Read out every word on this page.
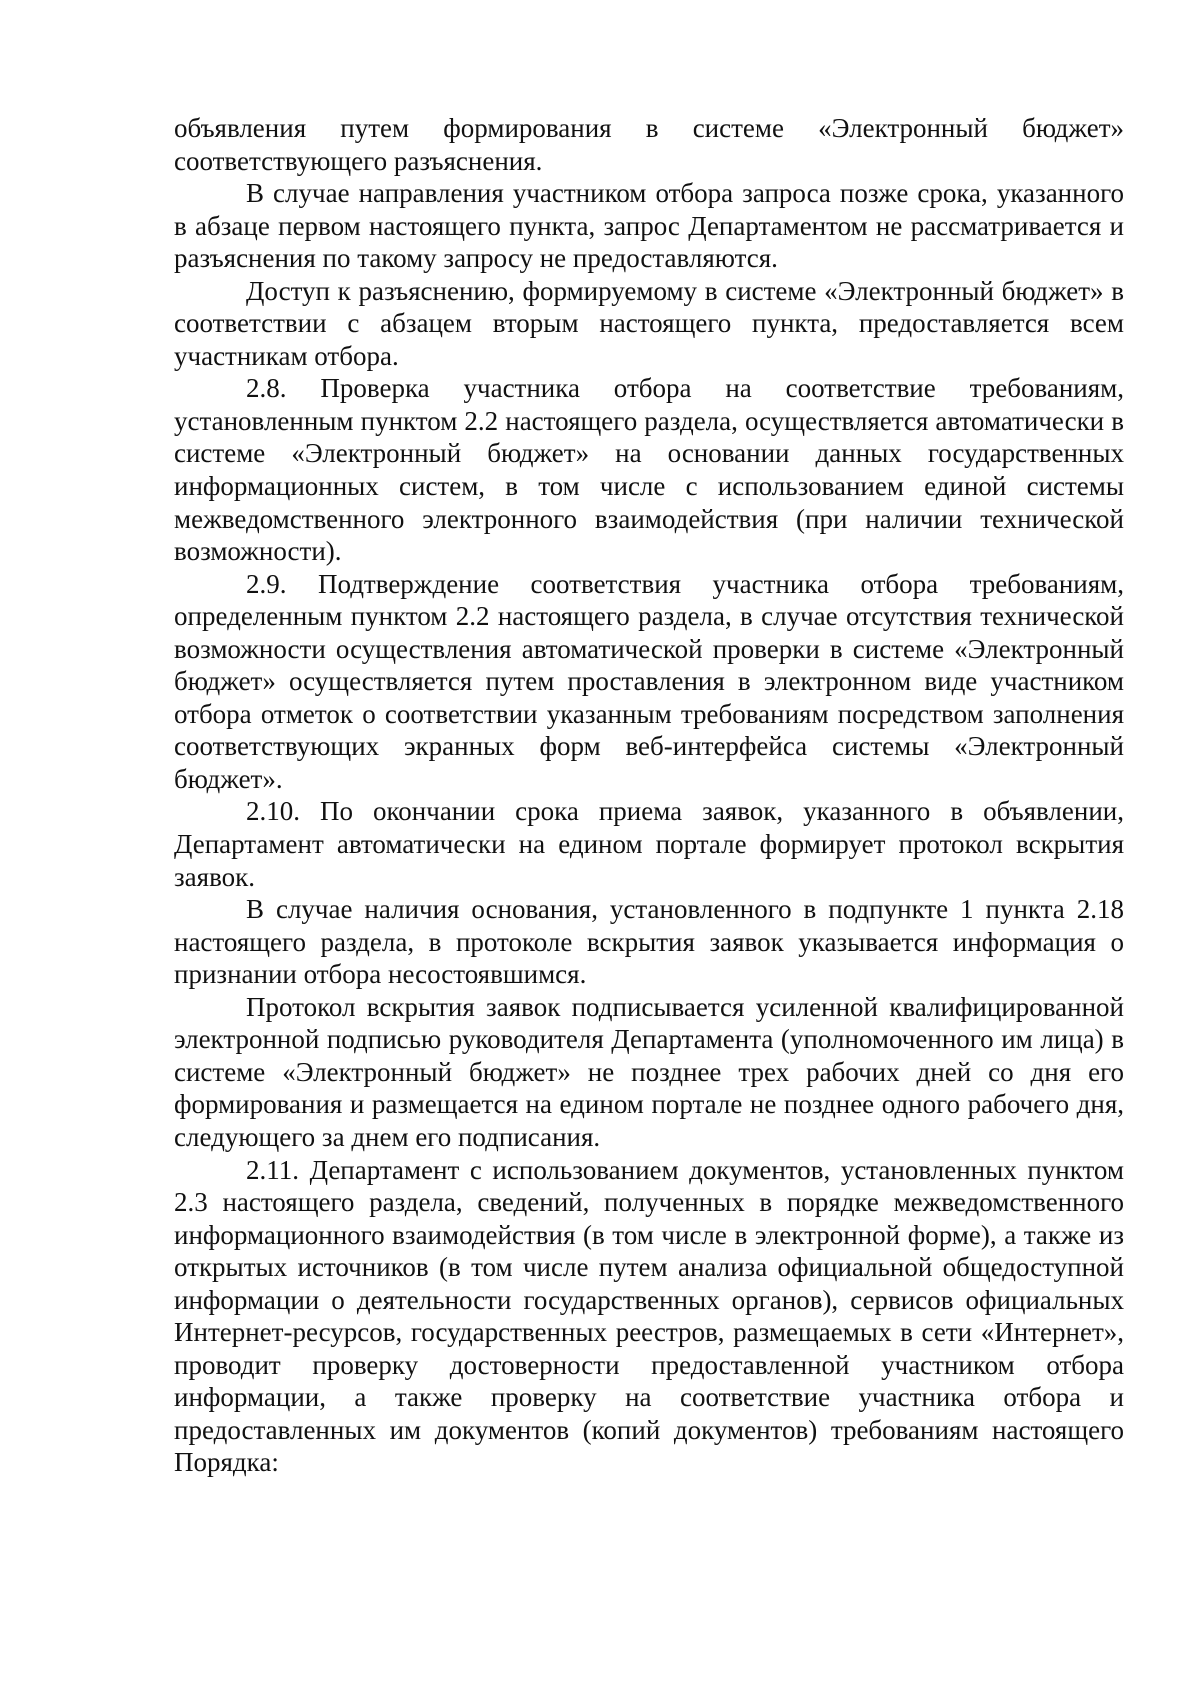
объявления путем формирования в системе «Электронный бюджет» соответствующего разъяснения.

В случае направления участником отбора запроса позже срока, указанного в абзаце первом настоящего пункта, запрос Департаментом не рассматривается и разъяснения по такому запросу не предоставляются.

Доступ к разъяснению, формируемому в системе «Электронный бюджет» в соответствии с абзацем вторым настоящего пункта, предоставляется всем участникам отбора.

2.8. Проверка участника отбора на соответствие требованиям, установленным пунктом 2.2 настоящего раздела, осуществляется автоматически в системе «Электронный бюджет» на основании данных государственных информационных систем, в том числе с использованием единой системы межведомственного электронного взаимодействия (при наличии технической возможности).

2.9. Подтверждение соответствия участника отбора требованиям, определенным пунктом 2.2 настоящего раздела, в случае отсутствия технической возможности осуществления автоматической проверки в системе «Электронный бюджет» осуществляется путем проставления в электронном виде участником отбора отметок о соответствии указанным требованиям посредством заполнения соответствующих экранных форм веб-интерфейса системы «Электронный бюджет».

2.10. По окончании срока приема заявок, указанного в объявлении, Департамент автоматически на едином портале формирует протокол вскрытия заявок.

В случае наличия основания, установленного в подпункте 1 пункта 2.18 настоящего раздела, в протоколе вскрытия заявок указывается информация о признании отбора несостоявшимся.

Протокол вскрытия заявок подписывается усиленной квалифицированной электронной подписью руководителя Департамента (уполномоченного им лица) в системе «Электронный бюджет» не позднее трех рабочих дней со дня его формирования и размещается на едином портале не позднее одного рабочего дня, следующего за днем его подписания.

2.11. Департамент с использованием документов, установленных пунктом 2.3 настоящего раздела, сведений, полученных в порядке межведомственного информационного взаимодействия (в том числе в электронной форме), а также из открытых источников (в том числе путем анализа официальной общедоступной информации о деятельности государственных органов), сервисов официальных Интернет-ресурсов, государственных реестров, размещаемых в сети «Интернет», проводит проверку достоверности предоставленной участником отбора информации, а также проверку на соответствие участника отбора и предоставленных им документов (копий документов) требованиям настоящего Порядка:
